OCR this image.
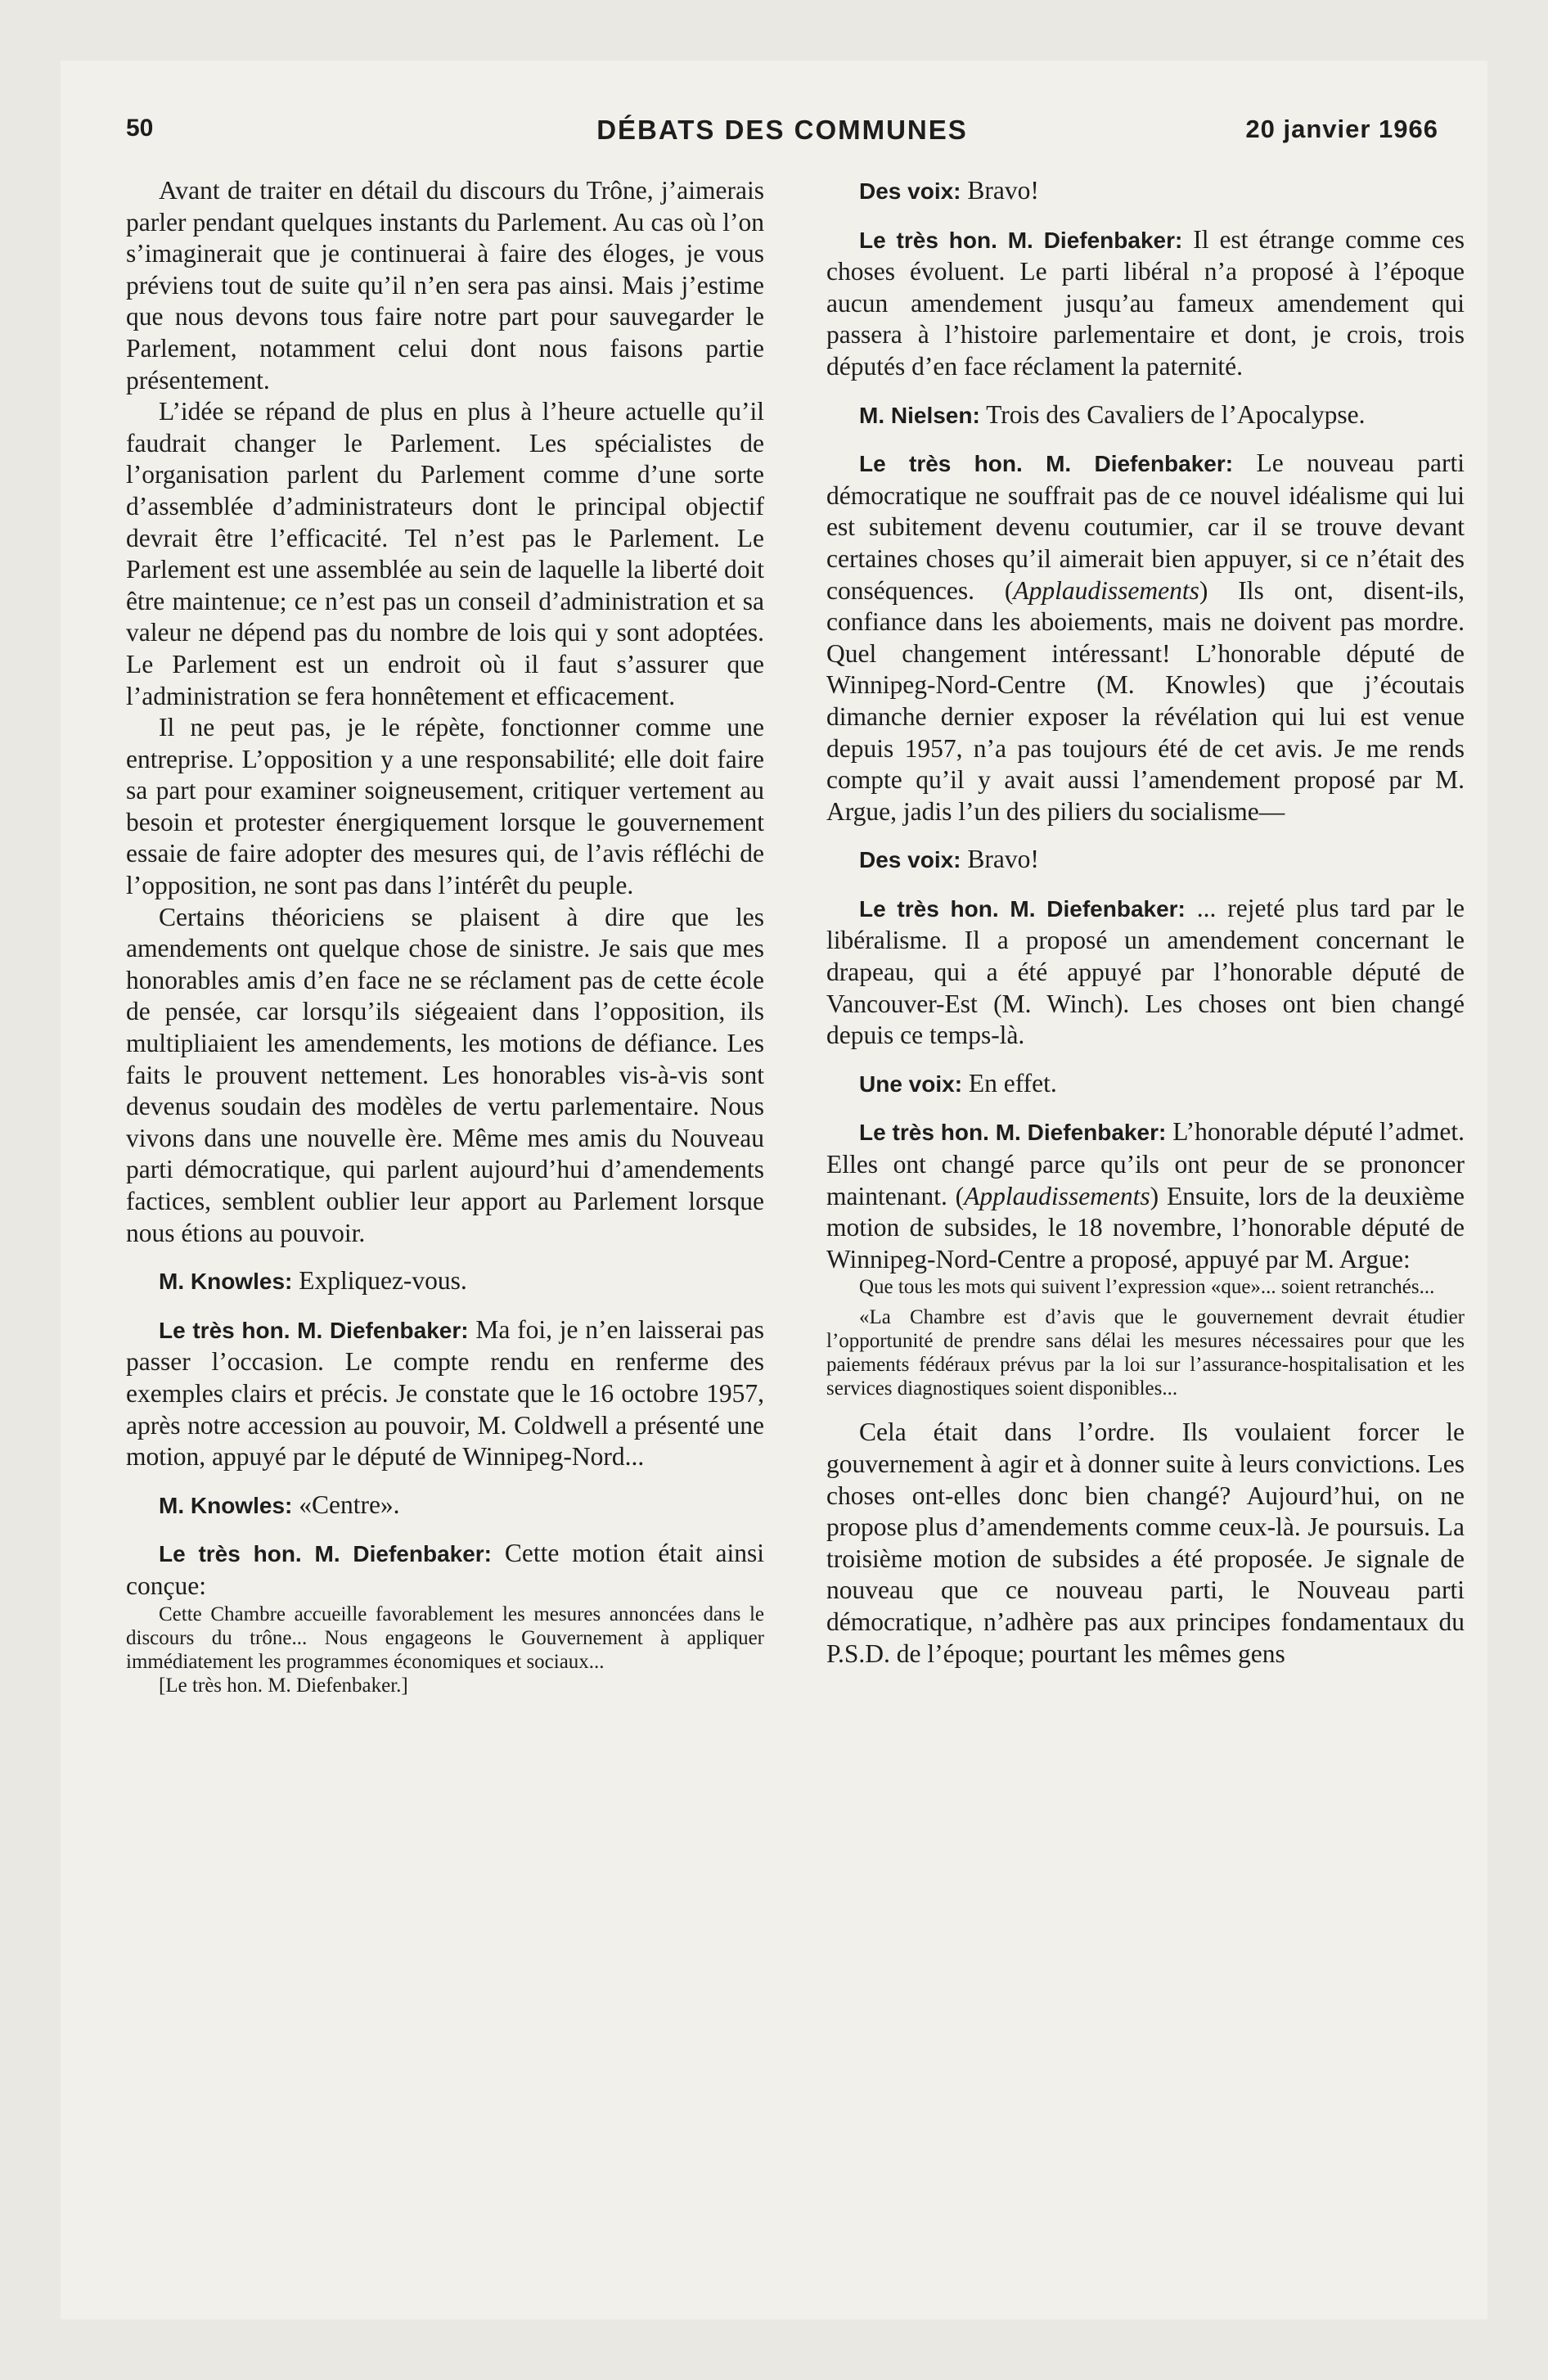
50	DÉBATS DES COMMUNES	20 janvier 1966

Avant de traiter en détail du discours du Trône, j’aimerais parler pendant quelques instants du Parlement. Au cas où l’on s’imaginerait que je continuerai à faire des éloges, je vous préviens tout de suite qu’il n’en sera pas ainsi. Mais j’estime que nous devons tous faire notre part pour sauvegarder le Parlement, notamment celui dont nous faisons partie présentement.

L’idée se répand de plus en plus à l’heure actuelle qu’il faudrait changer le Parlement. Les spécialistes de l’organisation parlent du Parlement comme d’une sorte d’assemblée d’administrateurs dont le principal objectif devrait être l’efficacité. Tel n’est pas le Parlement. Le Parlement est une assemblée au sein de laquelle la liberté doit être maintenue; ce n’est pas un conseil d’administration et sa valeur ne dépend pas du nombre de lois qui y sont adoptées. Le Parlement est un endroit où il faut s’assurer que l’administration se fera honnêtement et efficacement.

Il ne peut pas, je le répète, fonctionner comme une entreprise. L’opposition y a une responsabilité; elle doit faire sa part pour examiner soigneusement, critiquer vertement au besoin et protester énergiquement lorsque le gouvernement essaie de faire adopter des mesures qui, de l’avis réfléchi de l’opposition, ne sont pas dans l’intérêt du peuple.

Certains théoriciens se plaisent à dire que les amendements ont quelque chose de sinistre. Je sais que mes honorables amis d’en face ne se réclament pas de cette école de pensée, car lorsqu’ils siégeaient dans l’opposition, ils multipliaient les amendements, les motions de défiance. Les faits le prouvent nettement. Les honorables vis-à-vis sont devenus soudain des modèles de vertu parlementaire. Nous vivons dans une nouvelle ère. Même mes amis du Nouveau parti démocratique, qui parlent aujourd’hui d’amendements factices, semblent oublier leur apport au Parlement lorsque nous étions au pouvoir.

M. Knowles: Expliquez-vous.

Le très hon. M. Diefenbaker: Ma foi, je n’en laisserai pas passer l’occasion. Le compte rendu en renferme des exemples clairs et précis. Je constate que le 16 octobre 1957, après notre accession au pouvoir, M. Coldwell a présenté une motion, appuyé par le député de Winnipeg-Nord...

M. Knowles: «Centre».

Le très hon. M. Diefenbaker: Cette motion était ainsi conçue:

Cette Chambre accueille favorablement les mesures annoncées dans le discours du trône... Nous engageons le Gouvernement à appliquer immédiatement les programmes économiques et sociaux...

[Le très hon. M. Diefenbaker.]

Des voix: Bravo!

Le très hon. M. Diefenbaker: Il est étrange comme ces choses évoluent. Le parti libéral n’a proposé à l’époque aucun amendement jusqu’au fameux amendement qui passera à l’histoire parlementaire et dont, je crois, trois députés d’en face réclament la paternité.

M. Nielsen: Trois des Cavaliers de l’Apocalypse.

Le très hon. M. Diefenbaker: Le nouveau parti démocratique ne souffrait pas de ce nouvel idéalisme qui lui est subitement devenu coutumier, car il se trouve devant certaines choses qu’il aimerait bien appuyer, si ce n’était des conséquences. (Applaudissements) Ils ont, disent-ils, confiance dans les aboiements, mais ne doivent pas mordre. Quel changement intéressant! L’honorable député de Winnipeg-Nord-Centre (M. Knowles) que j’écoutais dimanche dernier exposer la révélation qui lui est venue depuis 1957, n’a pas toujours été de cet avis. Je me rends compte qu’il y avait aussi l’amendement proposé par M. Argue, jadis l’un des piliers du socialisme—

Des voix: Bravo!

Le très hon. M. Diefenbaker: ... rejeté plus tard par le libéralisme. Il a proposé un amendement concernant le drapeau, qui a été appuyé par l’honorable député de Vancouver-Est (M. Winch). Les choses ont bien changé depuis ce temps-là.

Une voix: En effet.

Le très hon. M. Diefenbaker: L’honorable député l’admet. Elles ont changé parce qu’ils ont peur de se prononcer maintenant. (Applaudissements) Ensuite, lors de la deuxième motion de subsides, le 18 novembre, l’honorable député de Winnipeg-Nord-Centre a proposé, appuyé par M. Argue:

Que tous les mots qui suivent l’expression «que»... soient retranchés...

«La Chambre est d’avis que le gouvernement devrait étudier l’opportunité de prendre sans délai les mesures nécessaires pour que les paiements fédéraux prévus par la loi sur l’assurance-hospitalisation et les services diagnostiques soient disponibles...

Cela était dans l’ordre. Ils voulaient forcer le gouvernement à agir et à donner suite à leurs convictions. Les choses ont-elles donc bien changé? Aujourd’hui, on ne propose plus d’amendements comme ceux-là. Je poursuis. La troisième motion de subsides a été proposée. Je signale de nouveau que ce nouveau parti, le Nouveau parti démocratique, n’adhère pas aux principes fondamentaux du P.S.D. de l’époque; pourtant les mêmes gens
